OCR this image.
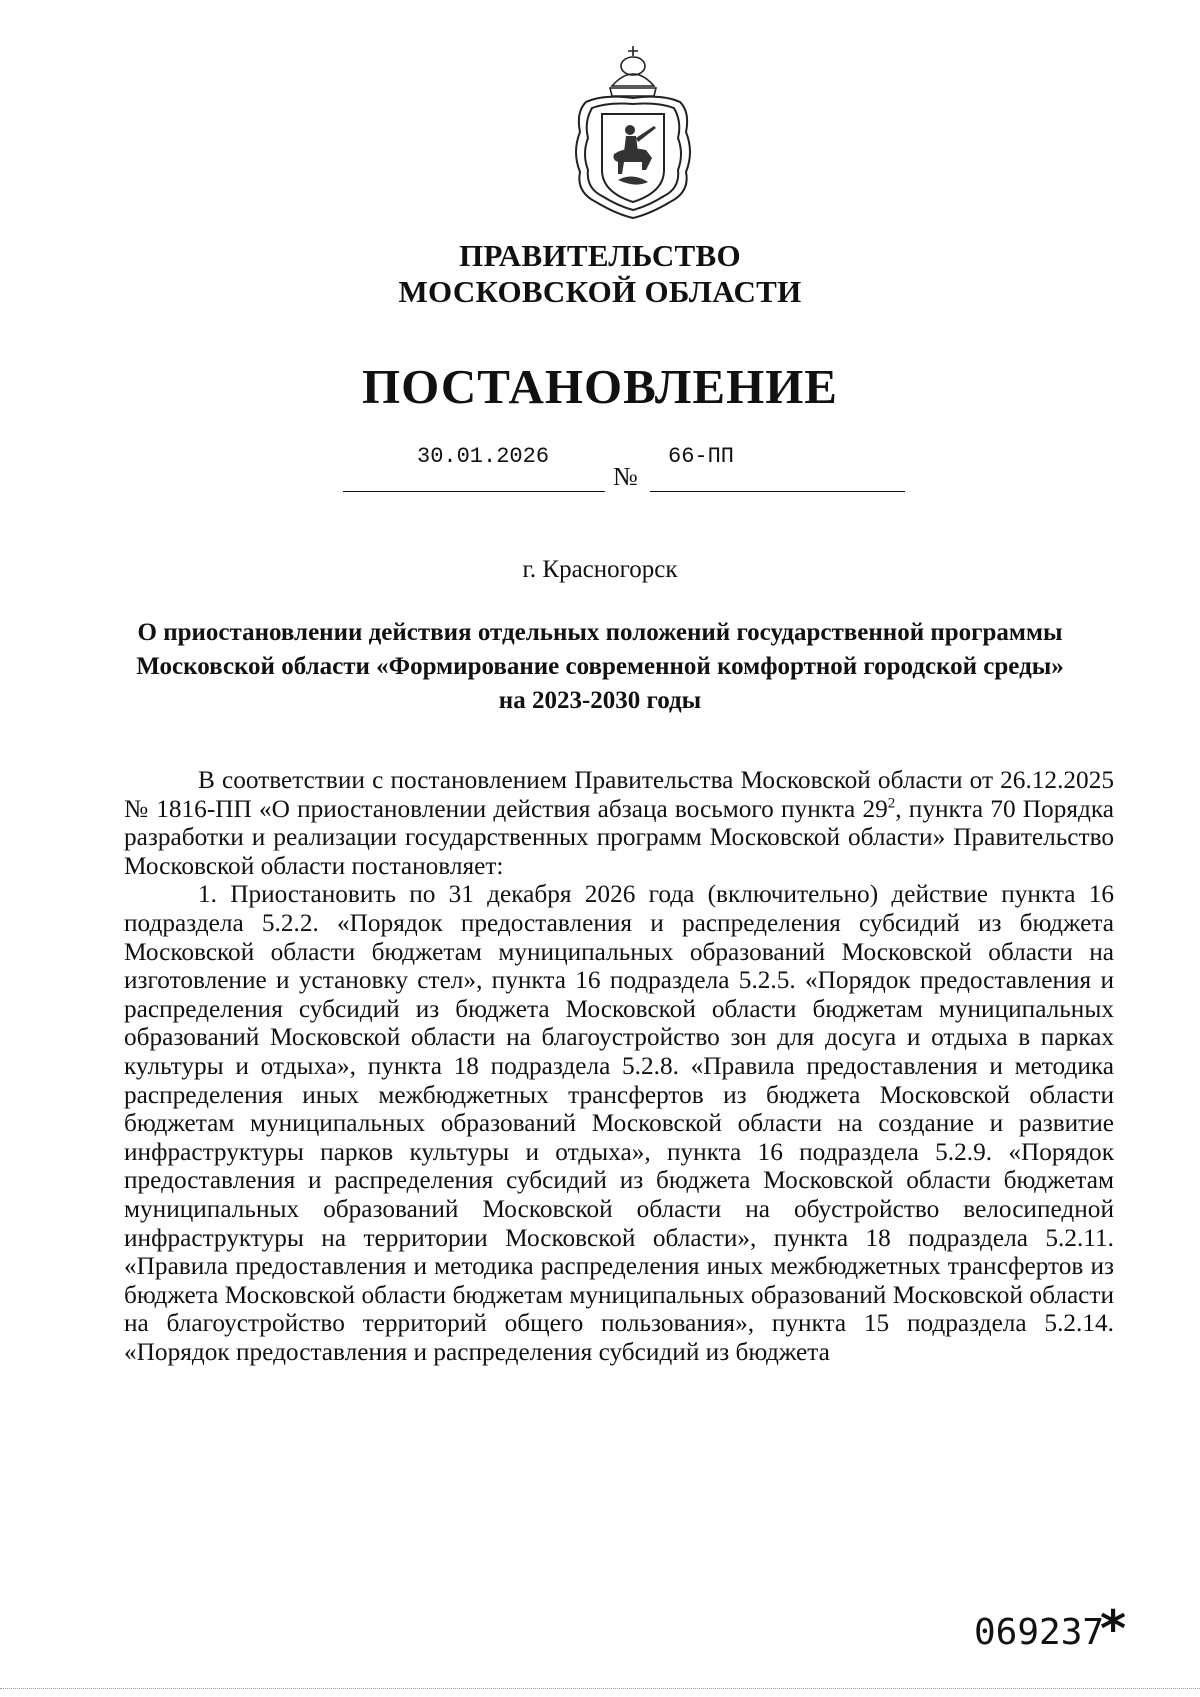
ПРАВИТЕЛЬСТВО
МОСКОВСКОЙ ОБЛАСТИ
ПОСТАНОВЛЕНИЕ
30.01.2026
№
66-ПП
г. Красногорск
О приостановлении действия отдельных положений государственной программы Московской области «Формирование современной комфортной городской среды» на 2023-2030 годы

В соответствии с постановлением Правительства Московской области от 26.12.2025 № 1816-ПП «О приостановлении действия абзаца восьмого пункта $29^2$, пункта 70 Порядка разработки и реализации государственных программ Московской области» Правительство Московской области постановляет:

1. Приостановить по 31 декабря 2026 года (включительно) действие пункта 16 подраздела 5.2.2. «Порядок предоставления и распределения субсидий из бюджета Московской области бюджетам муниципальных образований Московской области на изготовление и установку стел», пункта 16 подраздела 5.2.5. «Порядок предоставления и распределения субсидий из бюджета Московской области бюджетам муниципальных образований Московской области на благоустройство зон для досуга и отдыха в парках культуры и отдыха», пункта 18 подраздела 5.2.8. «Правила предоставления и методика распределения иных межбюджетных трансфертов из бюджета Московской области бюджетам муниципальных образований Московской области на создание и развитие инфраструктуры парков культуры и отдыха», пункта 16 подраздела 5.2.9. «Порядок предоставления и распределения субсидий из бюджета Московской области бюджетам муниципальных образований Московской области на обустройство велосипедной инфраструктуры на территории Московской области», пункта 18 подраздела 5.2.11. «Правила предоставления и методика распределения иных межбюджетных трансфертов из бюджета Московской области бюджетам муниципальных образований Московской области на благоустройство территорий общего пользования», пункта 15 подраздела 5.2.14. «Порядок предоставления и распределения субсидий из бюджета

069237
*
